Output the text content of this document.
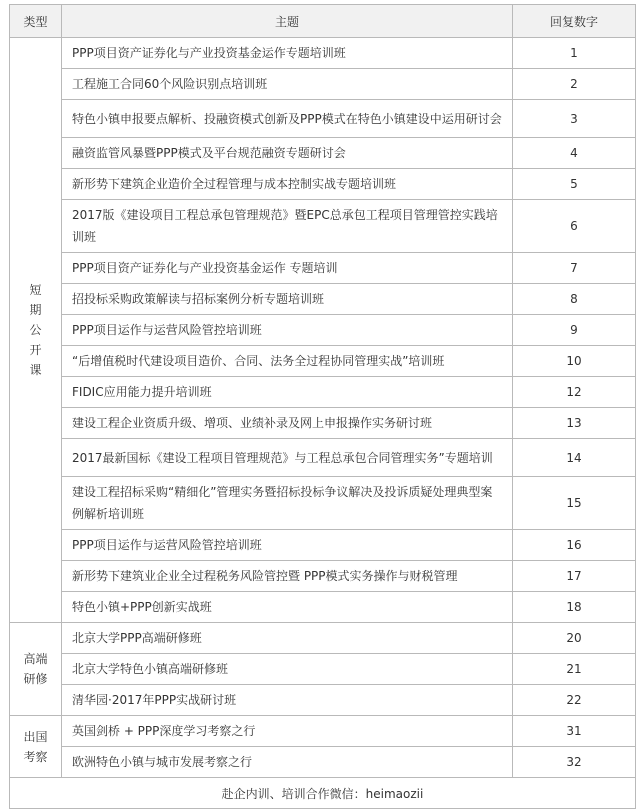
类型	主题	回复数字
短
期
公
开
课	PPP项目资产证券化与产业投资基金运作专题培训班	1
	工程施工合同60个风险识别点培训班	2
	特色小镇申报要点解析、投融资模式创新及PPP模式在特色小镇建设中运用研讨会	3
	融资监管风暴暨PPP模式及平台规范融资专题研讨会	4
	新形势下建筑企业造价全过程管理与成本控制实战专题培训班	5
	2017版《建设项目工程总承包管理规范》暨EPC总承包工程项目管理管控实践培训班	6
	PPP项目资产证券化与产业投资基金运作 专题培训	7
	招投标采购政策解读与招标案例分析专题培训班	8
	PPP项目运作与运营风险管控培训班	9
	“后增值税时代建设项目造价、合同、法务全过程协同管理实战”培训班	10
	FIDIC应用能力提升培训班	12
	建设工程企业资质升级、增项、业绩补录及网上申报操作实务研讨班	13
	2017最新国标《建设工程项目管理规范》与工程总承包合同管理实务”专题培训	14
	建设工程招标采购“精细化”管理实务暨招标投标争议解决及投诉质疑处理典型案例解析培训班	15
	PPP项目运作与运营风险管控培训班	16
	新形势下建筑业企业全过程税务风险管控暨 PPP模式实务操作与财税管理	17
	特色小镇+PPP创新实战班	18
高端
研修	北京大学PPP高端研修班	20
	北京大学特色小镇高端研修班	21
	清华园·2017年PPP实战研讨班	22
出国
考察	英国剑桥 + PPP深度学习考察之行	31
	欧洲特色小镇与城市发展考察之行	32
赴企内训、培训合作微信：heimaozii		
